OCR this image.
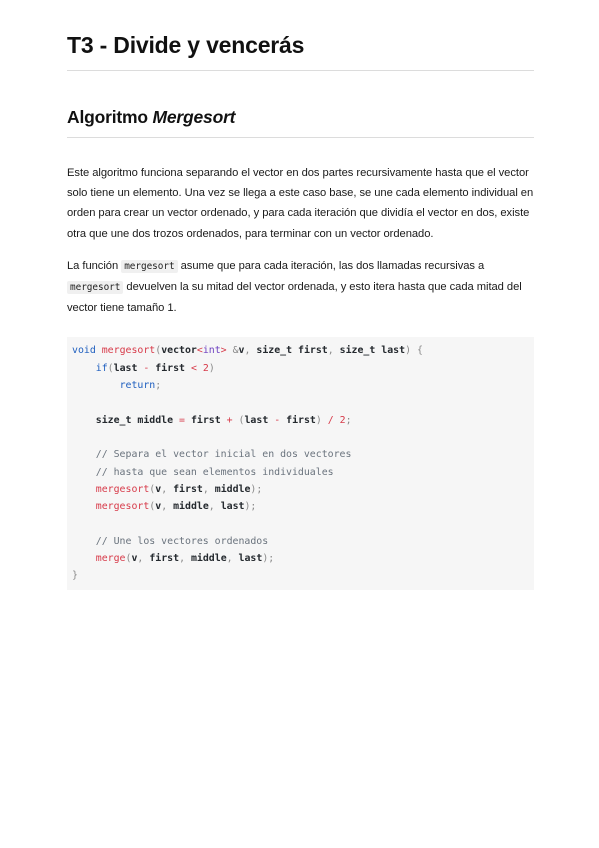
T3 - Divide y vencerás
Algoritmo Mergesort

Este algoritmo funciona separando el vector en dos partes recursivamente hasta que el vector solo tiene un elemento. Una vez se llega a este caso base, se une cada elemento individual en orden para crear un vector ordenado, y para cada iteración que dividía el vector en dos, existe otra que une dos trozos ordenados, para terminar con un vector ordenado.

La función mergesort asume que para cada iteración, las dos llamadas recursivas a mergesort devuelven la su mitad del vector ordenada, y esto itera hasta que cada mitad del vector tiene tamaño 1.

void mergesort(vector<int> &v, size_t first, size_t last) {
if(last - first < 2)
return;

size_t middle = first + (last - first) / 2;

// Separa el vector inicial en dos vectores
// hasta que sean elementos individuales
mergesort(v, first, middle);
mergesort(v, middle, last);

// Une los vectores ordenados
merge(v, first, middle, last);
}
